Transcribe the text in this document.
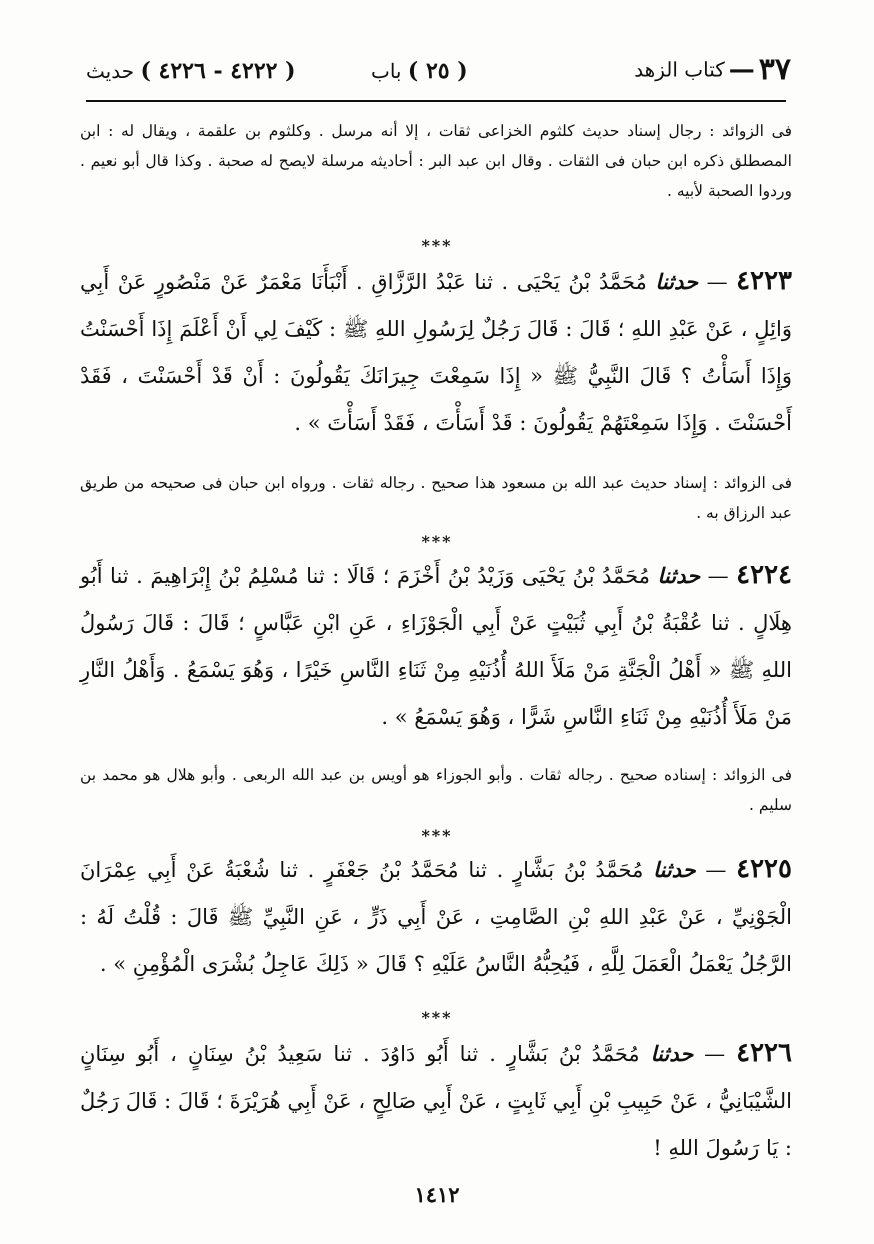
٣٧—كتاب الزهد
( ٢٥ ) باب
( ٤٢٢٢ - ٤٢٢٦ ) حديث
فى الزوائد : رجال إسناد حديث كلثوم الخزاعى ثقات ، إلا أنه مرسل . وكلثوم بن علقمة ، ويقال له : ابن المصطلق ذكره ابن حبان فى الثقات . وقال ابن عبد البر : أحاديثه مرسلة لايصح له صحبة . وكذا قال أبو نعيم . وردوا الصحبة لأبيه .
***
٤٢٢٣ — حدثنا مُحَمَّدُ بْنُ يَحْيَى . ثنا عَبْدُ الرَّزَّاقِ . أَنْبَأَنَا مَعْمَرٌ عَنْ مَنْصُورٍ عَنْ أَبِي وَائِلٍ ، عَنْ عَبْدِ اللهِ ؛ قَالَ : قَالَ رَجُلٌ لِرَسُولِ اللهِ ﷺ : كَيْفَ لِي أَنْ أَعْلَمَ إِذَا أَحْسَنْتُ وَإِذَا أَسَأْتُ ؟ قَالَ النَّبِيُّ ﷺ « إِذَا سَمِعْتَ جِيرَانَكَ يَقُولُونَ : أَنْ قَدْ أَحْسَنْتَ ، فَقَدْ أَحْسَنْتَ . وَإِذَا سَمِعْتَهُمْ يَقُولُونَ : قَدْ أَسَأْتَ ، فَقَدْ أَسَأْتَ » .
فى الزوائد : إسناد حديث عبد الله بن مسعود هذا صحيح . رجاله ثقات . ورواه ابن حبان فى صحيحه من طريق عبد الرزاق به .
***
٤٢٢٤ — حدثنا مُحَمَّدُ بْنُ يَحْيَى وَزَيْدُ بْنُ أَخْزَمَ ؛ قَالَا : ثنا مُسْلِمُ بْنُ إِبْرَاهِيمَ . ثنا أَبُو هِلَالٍ . ثنا عُقْبَةُ بْنُ أَبِي ثُبَيْتٍ عَنْ أَبِي الْجَوْزَاءِ ، عَنِ ابْنِ عَبَّاسٍ ؛ قَالَ : قَالَ رَسُولُ اللهِ ﷺ « أَهْلُ الْجَنَّةِ مَنْ مَلَأَ اللهُ أُذُنَيْهِ مِنْ ثَنَاءِ النَّاسِ خَيْرًا ، وَهُوَ يَسْمَعُ . وَأَهْلُ النَّارِ مَنْ مَلَأَ أُذُنَيْهِ مِنْ ثَنَاءِ النَّاسِ شَرًّا ، وَهُوَ يَسْمَعُ » .
فى الزوائد : إسناده صحيح . رجاله ثقات . وأبو الجوزاء هو أويس بن عبد الله الربعى . وأبو هلال هو محمد بن سليم .
***
٤٢٢٥ — حدثنا مُحَمَّدُ بْنُ بَشَّارٍ . ثنا مُحَمَّدُ بْنُ جَعْفَرٍ . ثنا شُعْبَةُ عَنْ أَبِي عِمْرَانَ الْجَوْنِيِّ ، عَنْ عَبْدِ اللهِ بْنِ الصَّامِتِ ، عَنْ أَبِي ذَرٍّ ، عَنِ النَّبِيِّ ﷺ قَالَ : قُلْتُ لَهُ : الرَّجُلُ يَعْمَلُ الْعَمَلَ لِلَّهِ ، فَيُحِبُّهُ النَّاسُ عَلَيْهِ ؟ قَالَ « ذَلِكَ عَاجِلُ بُشْرَى الْمُؤْمِنِ » .
***
٤٢٢٦ — حدثنا مُحَمَّدُ بْنُ بَشَّارٍ . ثنا أَبُو دَاوُدَ . ثنا سَعِيدُ بْنُ سِنَانٍ ، أَبُو سِنَانٍ الشَّيْبَانِيُّ ، عَنْ حَبِيبِ بْنِ أَبِي ثَابِتٍ ، عَنْ أَبِي صَالِحٍ ، عَنْ أَبِي هُرَيْرَةَ ؛ قَالَ : قَالَ رَجُلٌ : يَا رَسُولَ اللهِ !
١٤١٢
